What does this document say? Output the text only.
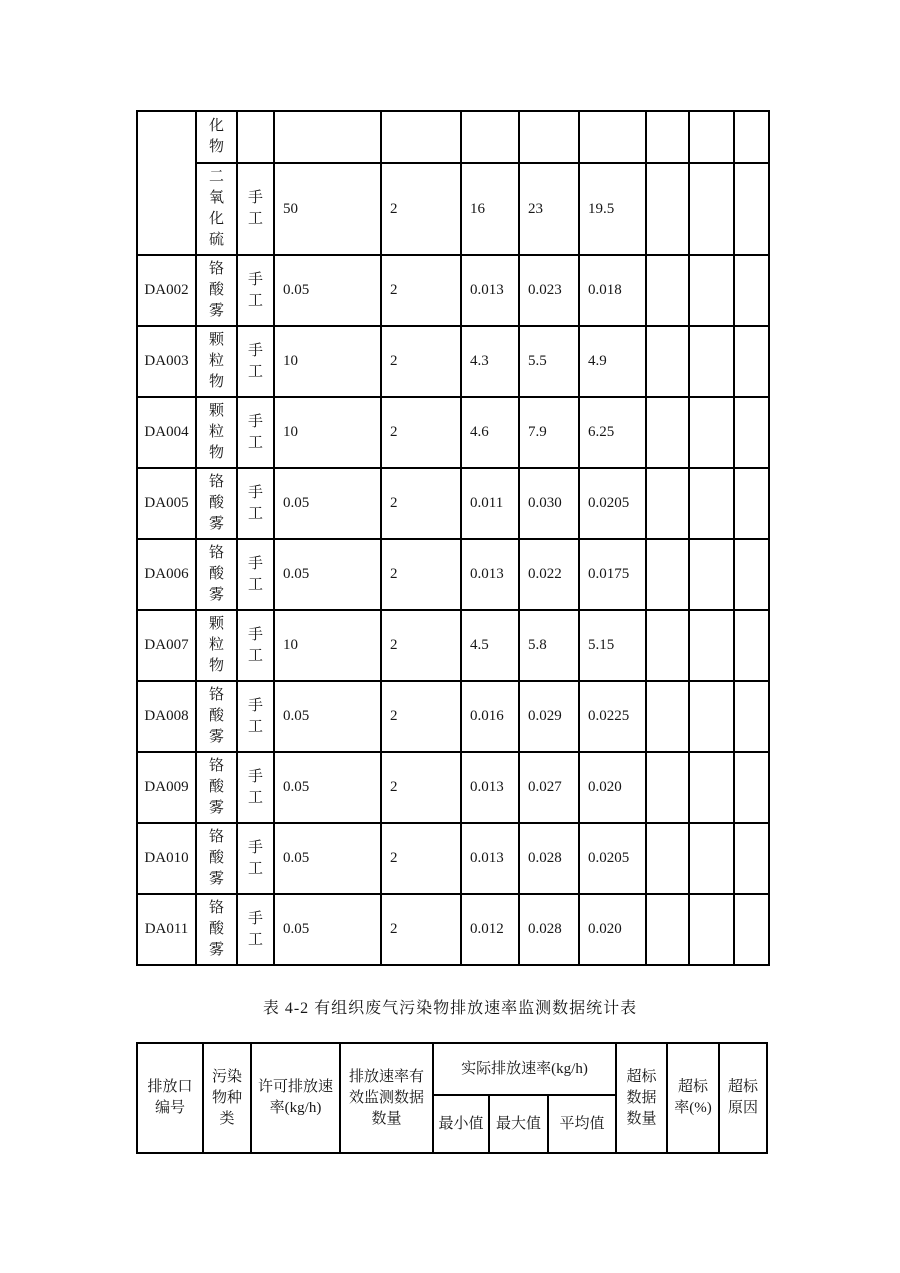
	化物									

	二氧化硫	手工	50	2	16	23	19.5			
DA002	铬酸雾	手工	0.05	2	0.013	0.023	0.018			
DA003	颗粒物	手工	10	2	4.3	5.5	4.9			
DA004	颗粒物	手工	10	2	4.6	7.9	6.25			
DA005	铬酸雾	手工	0.05	2	0.011	0.030	0.0205			
DA006	铬酸雾	手工	0.05	2	0.013	0.022	0.0175			
DA007	颗粒物	手工	10	2	4.5	5.8	5.15			
DA008	铬酸雾	手工	0.05	2	0.016	0.029	0.0225			
DA009	铬酸雾	手工	0.05	2	0.013	0.027	0.020			
DA010	铬酸雾	手工	0.05	2	0.013	0.028	0.0205			
DA011	铬酸雾	手工	0.05	2	0.012	0.028	0.020			
表 4-2 有组织废气污染物排放速率监测数据统计表
排放口编号	污染物种类	许可排放速率(kg/h)	排放速率有效监测数据数量	实际排放速率(kg/h)			超标数据数量	超标率(%)	超标原因
				最小值	最大值	平均值			
